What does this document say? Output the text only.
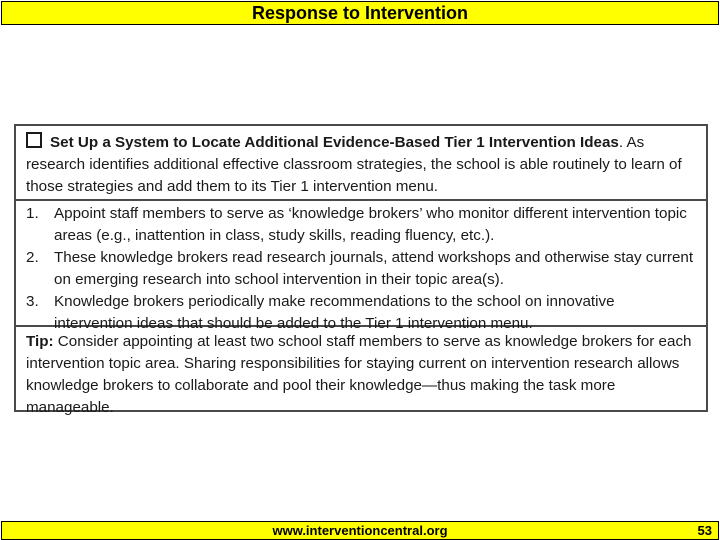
Response to Intervention
Set Up a System to Locate Additional Evidence-Based Tier 1 Intervention Ideas. As research identifies additional effective classroom strategies, the school is able routinely to learn of those strategies and add them to its Tier 1 intervention menu.
1.	Appoint staff members to serve as ‘knowledge brokers’ who monitor different intervention topic areas (e.g., inattention in class, study skills, reading fluency, etc.).
2.	These knowledge brokers read research journals, attend workshops and otherwise stay current on emerging research into school intervention in their topic area(s).
3.	Knowledge brokers periodically make recommendations to the school on innovative intervention ideas that should be added to the Tier 1 intervention menu.
Tip: Consider appointing at least two school staff members to serve as knowledge brokers for each intervention topic area. Sharing responsibilities for staying current on intervention research allows knowledge brokers to collaborate and pool their knowledge—thus making the task more manageable.
www.interventioncentral.org	53
